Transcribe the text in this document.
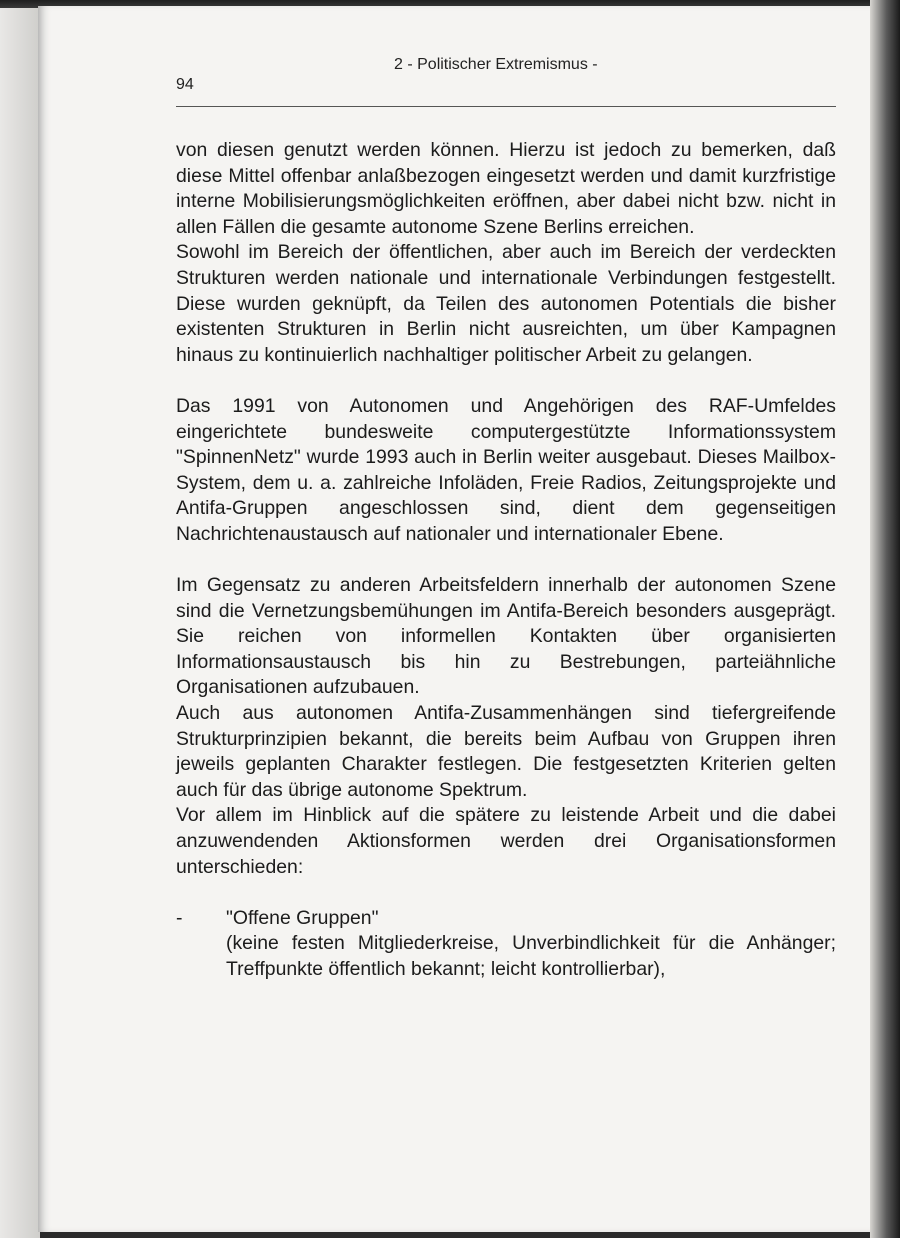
94
2 - Politischer Extremismus -

von diesen genutzt werden können. Hierzu ist jedoch zu bemerken, daß diese Mittel offenbar anlaßbezogen eingesetzt werden und damit kurzfristige interne Mobilisierungsmöglichkeiten eröffnen, aber dabei nicht bzw. nicht in allen Fällen die gesamte autonome Szene Berlins erreichen.

Sowohl im Bereich der öffentlichen, aber auch im Bereich der verdeckten Strukturen werden nationale und internationale Verbindungen festgestellt. Diese wurden geknüpft, da Teilen des autonomen Potentials die bisher existenten Strukturen in Berlin nicht ausreichten, um über Kampagnen hinaus zu kontinuierlich nachhaltiger politischer Arbeit zu gelangen.

Das 1991 von Autonomen und Angehörigen des RAF-Umfeldes eingerichtete bundesweite computergestützte Informationssystem "SpinnenNetz" wurde 1993 auch in Berlin weiter ausgebaut. Dieses Mailbox-System, dem u. a. zahlreiche Infoläden, Freie Radios, Zeitungsprojekte und Antifa-Gruppen angeschlossen sind, dient dem gegenseitigen Nachrichtenaustausch auf nationaler und internationaler Ebene.

Im Gegensatz zu anderen Arbeitsfeldern innerhalb der autonomen Szene sind die Vernetzungsbemühungen im Antifa-Bereich besonders ausgeprägt. Sie reichen von informellen Kontakten über organisierten Informationsaustausch bis hin zu Bestrebungen, parteiähnliche Organisationen aufzubauen.

Auch aus autonomen Antifa-Zusammenhängen sind tiefergreifende Strukturprinzipien bekannt, die bereits beim Aufbau von Gruppen ihren jeweils geplanten Charakter festlegen. Die festgesetzten Kriterien gelten auch für das übrige autonome Spektrum.

Vor allem im Hinblick auf die spätere zu leistende Arbeit und die dabei anzuwendenden Aktionsformen werden drei Organisationsformen unterschieden:

-	"Offene Gruppen"

(keine festen Mitgliederkreise, Unverbindlichkeit für die Anhänger; Treffpunkte öffentlich bekannt; leicht kontrollierbar),
